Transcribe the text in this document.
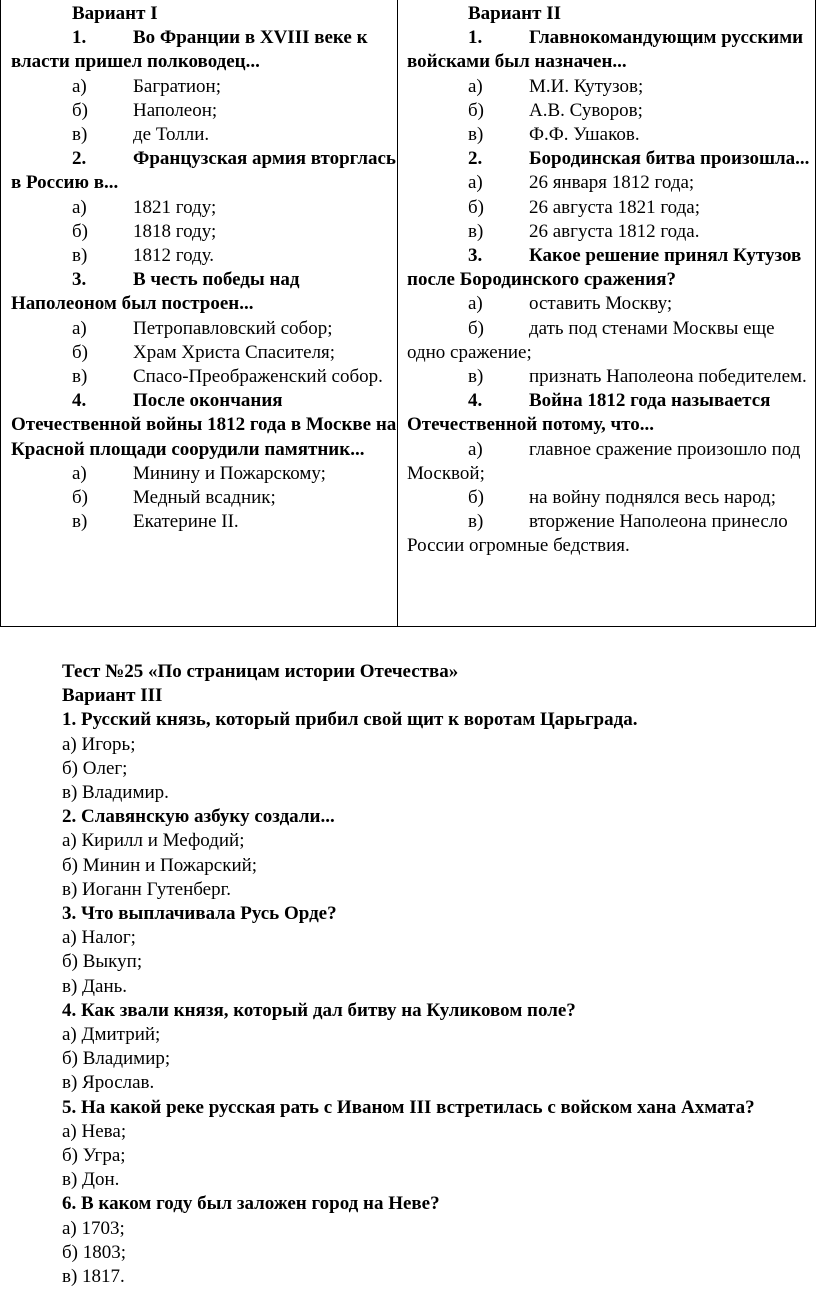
Вариант I
1. Во Франции в XVIII веке к власти пришел полководец...
а) Багратион;
б) Наполеон;
в) де Толли.
2. Французская армия вторглась в Россию в...
а) 1821 году;
б) 1818 году;
в) 1812 году.
3. В честь победы над Наполеоном был построен...
а) Петропавловский собор;
б) Храм Христа Спасителя;
в) Спасо-Преображенский собор.
4. После окончания Отечественной войны 1812 года в Москве на Красной площади соорудили памятник...
а) Минину и Пожарскому;
б) Медный всадник;
в) Екатерине II.
Вариант II
1. Главнокомандующим русскими войсками был назначен...
а) М.И. Кутузов;
б) А.В. Суворов;
в) Ф.Ф. Ушаков.
2. Бородинская битва произошла...
а) 26 января 1812 года;
б) 26 августа 1821 года;
в) 26 августа 1812 года.
3. Какое решение принял Кутузов после Бородинского сражения?
а) оставить Москву;
б) дать под стенами Москвы еще одно сражение;
в) признать Наполеона победителем.
4. Война 1812 года называется Отечественной потому, что...
а) главное сражение произошло под Москвой;
б) на войну поднялся весь народ;
в) вторжение Наполеона принесло России огромные бедствия.
Тест №25 «По страницам истории Отечества»
Вариант III
1. Русский князь, который прибил свой щит к воротам Царьграда.
а) Игорь;
б) Олег;
в) Владимир.
2. Славянскую азбуку создали...
а) Кирилл и Мефодий;
б) Минин и Пожарский;
в) Иоганн Гутенберг.
3. Что выплачивала Русь Орде?
а) Налог;
б) Выкуп;
в) Дань.
4. Как звали князя, который дал битву на Куликовом поле?
а) Дмитрий;
б) Владимир;
в) Ярослав.
5. На какой реке русская рать с Иваном III встретилась с войском хана Ахмата?
а) Нева;
б) Угра;
в) Дон.
6. В каком году был заложен город на Неве?
а) 1703;
б) 1803;
в) 1817.
